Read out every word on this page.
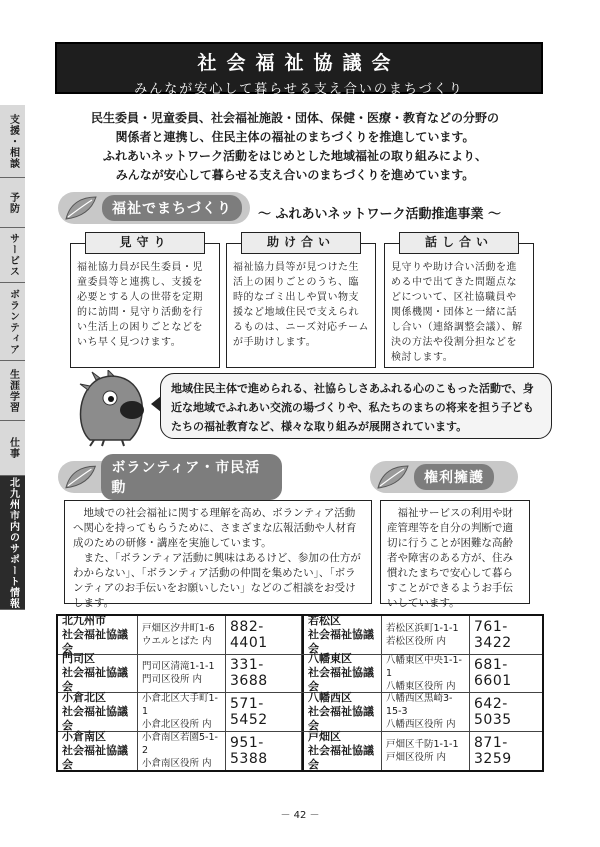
支援・相談
予防
サービス
ボランティア
生涯学習
仕事
北九州市内のサポート情報
社会福祉協議会
みんなが安心して暮らせる支え合いのまちづくり
民生委員・児童委員、社会福祉施設・団体、保健・医療・教育などの分野の
関係者と連携し、住民主体の福祉のまちづくりを推進しています。
ふれあいネットワーク活動をはじめとした地域福祉の取り組みにより、
みんなが安心して暮らせる支え合いのまちづくりを進めています。
福祉でまちづくり	～ ふれあいネットワーク活動推進事業 ～
見守り
福祉協力員が民生委員・児童委員等と連携し、支援を必要とする人の世帯を定期的に訪問・見守り活動を行い生活上の困りごとなどをいち早く見つけます。
助け合い
福祉協力員等が見つけた生活上の困りごとのうち、臨時的なゴミ出しや買い物支援など地域住民で支えられるものは、ニーズ対応チームが手助けします。
話し合い
見守りや助け合い活動を進める中で出てきた問題点などについて、区社協職員や関係機関・団体と一緒に話し合い（連絡調整会議）、解決の方法や役割分担などを検討します。
地域住民主体で進められる、社協らしさあふれる心のこもった活動で、身近な地域でふれあい交流の場づくりや、私たちのまちの将来を担う子どもたちの福祉教育など、様々な取り組みが展開されています。
ボランティア・市民活動
権利擁護

地域での社会福祉に関する理解を高め、ボランティア活動へ関心を持ってもらうために、さまざまな広報活動や人材育成のための研修・講座を実施しています。

また、「ボランティア活動に興味はあるけど、参加の仕方がわからない」、「ボランティア活動の仲間を集めたい」、「ボランティアのお手伝いをお願いしたい」などのご相談をお受けします。

福祉サービスの利用や財産管理等を自分の判断で適切に行うことが困難な高齢者や障害のある方が、住み慣れたまちで安心して暮らすことができるようお手伝いしています。

北九州市
社会福祉協議会
戸畑区汐井町1-6
ウエルとばた 内
882-4401
若松区
社会福祉協議会
若松区浜町1-1-1
若松区役所 内
761-3422
門司区
社会福祉協議会
門司区清滝1-1-1
門司区役所 内
331-3688
八幡東区
社会福祉協議会
八幡東区中央1-1-1
八幡東区役所 内
681-6601
小倉北区
社会福祉協議会
小倉北区大手町1-1
小倉北区役所 内
571-5452
八幡西区
社会福祉協議会
八幡西区黒崎3-15-3
八幡西区役所 内
642-5035
小倉南区
社会福祉協議会
小倉南区若園5-1-2
小倉南区役所 内
951-5388
戸畑区
社会福祉協議会
戸畑区千防1-1-1
戸畑区役所 内
871-3259
－ 42 －
